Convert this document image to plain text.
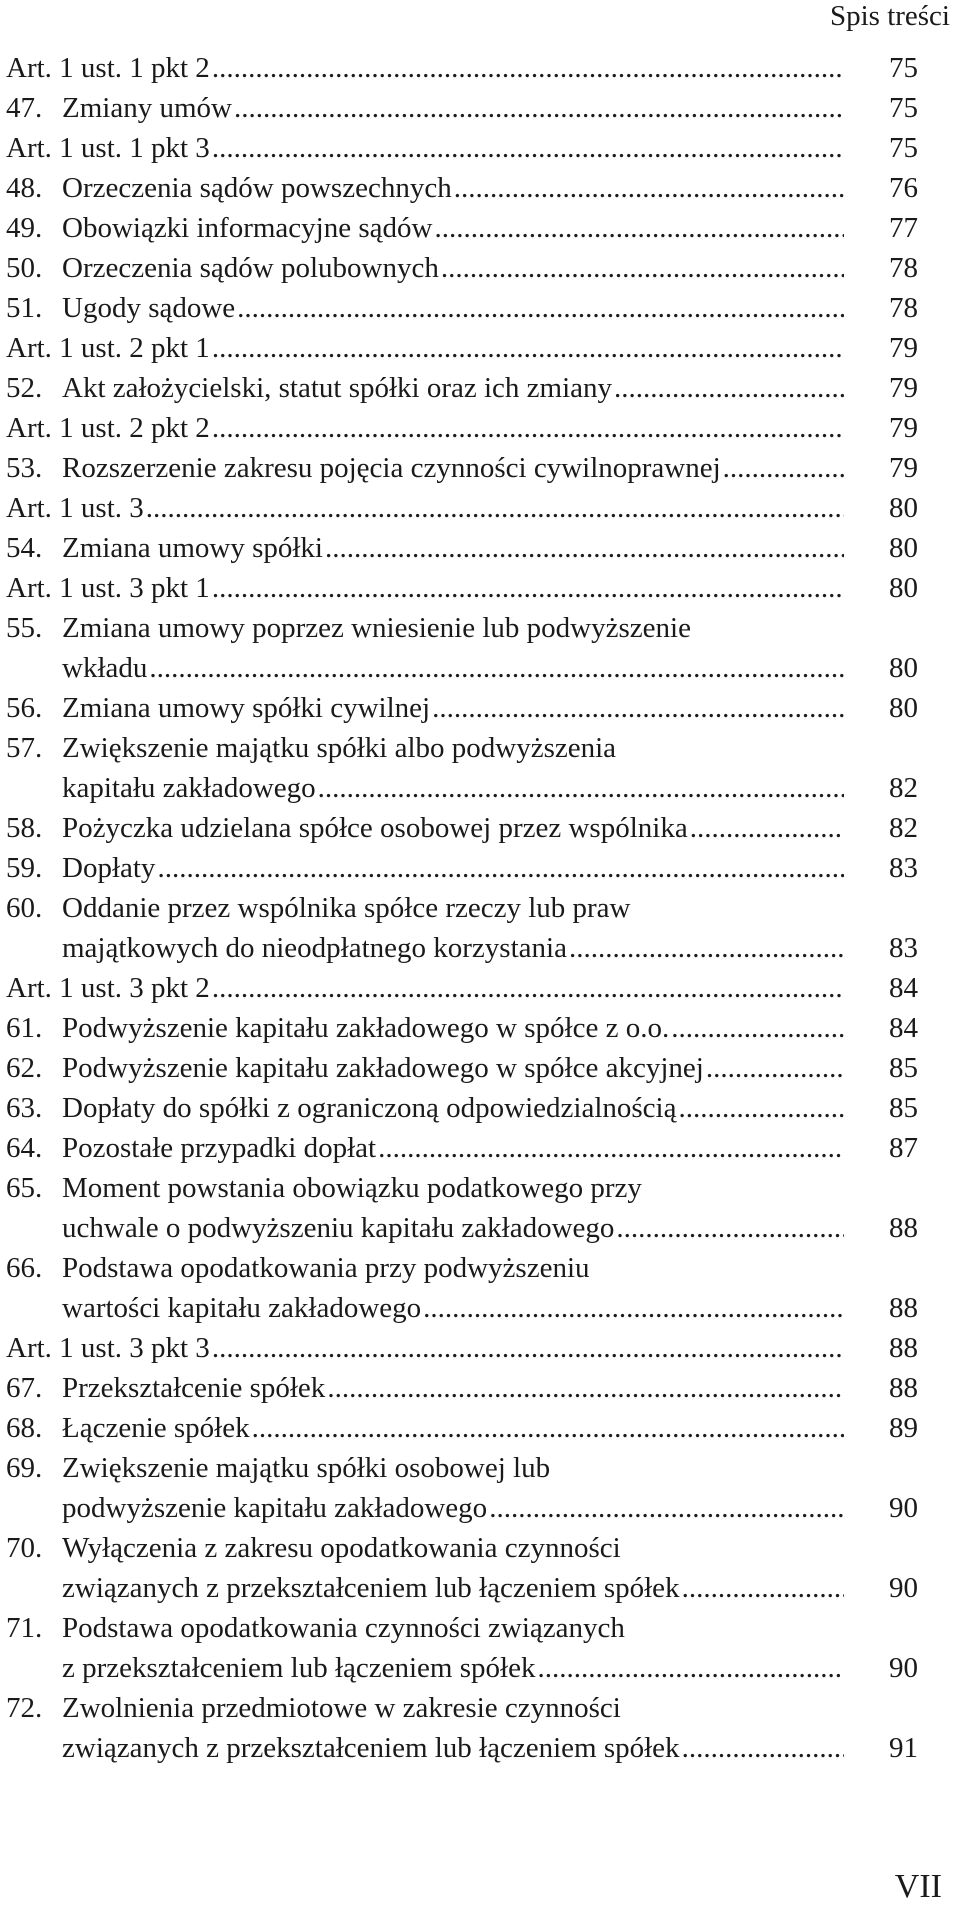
Spis treści
Art. 1 ust. 1 pkt 2 .....	75
47. Zmiany umów .....	75
Art. 1 ust. 1 pkt 3 .....	75
48. Orzeczenia sądów powszechnych .....	76
49. Obowiązki informacyjne sądów .....	77
50. Orzeczenia sądów polubownych .....	78
51. Ugody sądowe .....	78
Art. 1 ust. 2 pkt 1 .....	79
52. Akt założycielski, statut spółki oraz ich zmiany .....	79
Art. 1 ust. 2 pkt 2 .....	79
53. Rozszerzenie zakresu pojęcia czynności cywilnoprawnej .....	79
Art. 1 ust. 3 .....	80
54. Zmiana umowy spółki .....	80
Art. 1 ust. 3 pkt 1 .....	80
55. Zmiana umowy poprzez wniesienie lub podwyższenie
wkładu .....	80
56. Zmiana umowy spółki cywilnej .....	80
57. Zwiększenie majątku spółki albo podwyższenia
kapitału zakładowego .....	82
58. Pożyczka udzielana spółce osobowej przez wspólnika .....	82
59. Dopłaty .....	83
60. Oddanie przez wspólnika spółce rzeczy lub praw
majątkowych do nieodpłatnego korzystania .....	83
Art. 1 ust. 3 pkt 2 .....	84
61. Podwyższenie kapitału zakładowego w spółce z o.o. .....	84
62. Podwyższenie kapitału zakładowego w spółce akcyjnej .....	85
63. Dopłaty do spółki z ograniczoną odpowiedzialnością .....	85
64. Pozostałe przypadki dopłat .....	87
65. Moment powstania obowiązku podatkowego przy
uchwale o podwyższeniu kapitału zakładowego .....	88
66. Podstawa opodatkowania przy podwyższeniu
wartości kapitału zakładowego .....	88
Art. 1 ust. 3 pkt 3 .....	88
67. Przekształcenie spółek .....	88
68. Łączenie spółek .....	89
69. Zwiększenie majątku spółki osobowej lub
podwyższenie kapitału zakładowego .....	90
70. Wyłączenia z zakresu opodatkowania czynności
związanych z przekształceniem lub łączeniem spółek .....	90
71. Podstawa opodatkowania czynności związanych
z przekształceniem lub łączeniem spółek .....	90
72. Zwolnienia przedmiotowe w zakresie czynności
związanych z przekształceniem lub łączeniem spółek .....	91
VII
